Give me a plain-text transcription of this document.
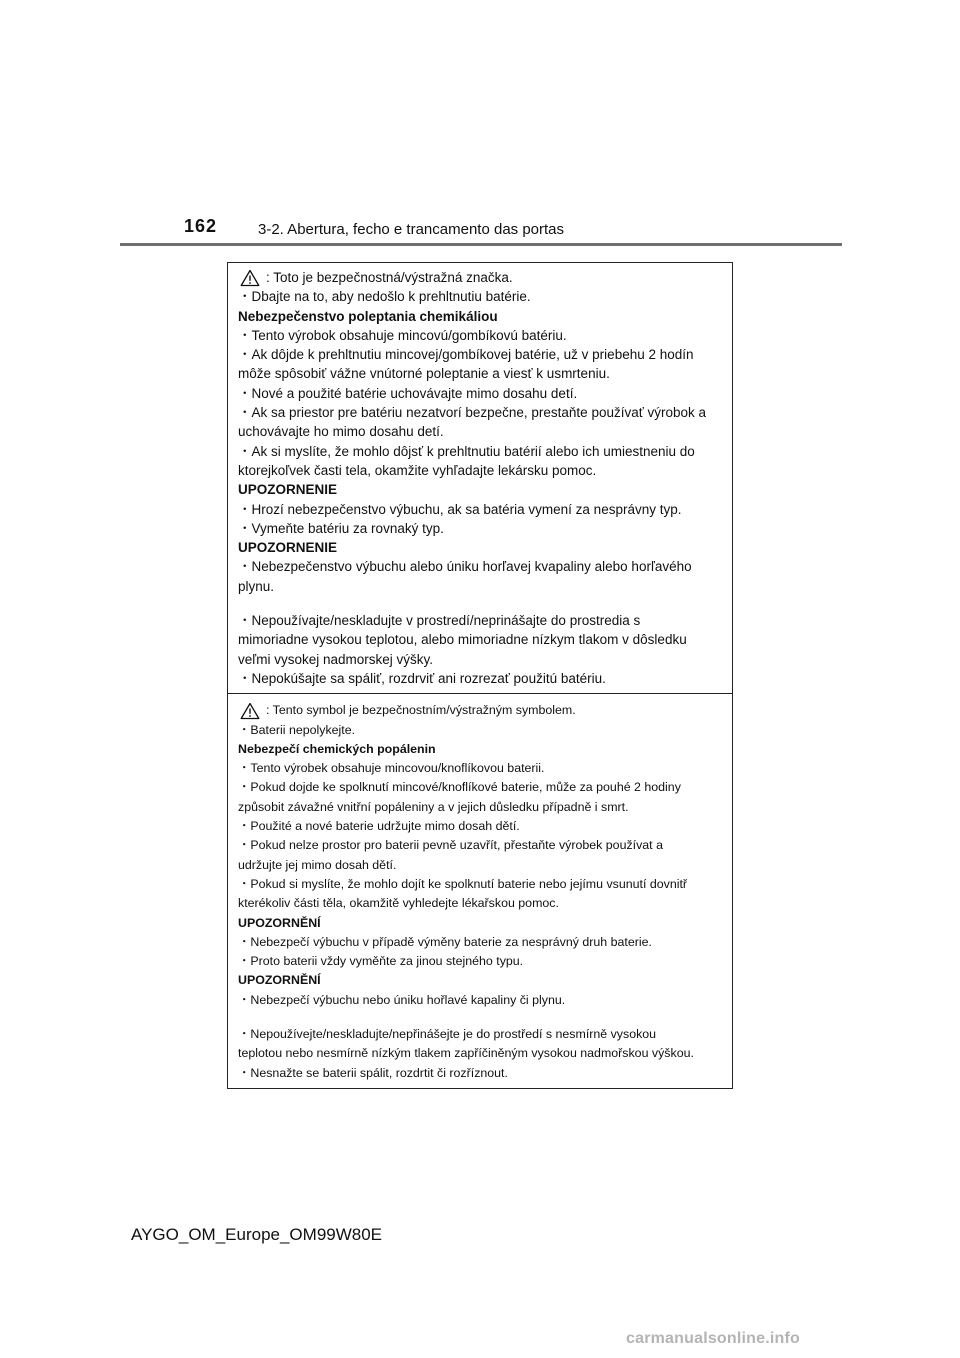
162	3-2. Abertura, fecho e trancamento das portas
: Toto je bezpečnostná/výstražná značka.
・Dbajte na to, aby nedošlo k prehltnutiu batérie.
Nebezpečenstvo poleptania chemikáliou
・Tento výrobok obsahuje mincovú/gombíkovú batériu.
・Ak dôjde k prehltnutiu mincovej/gombíkovej batérie, už v priebehu 2 hodín
môže spôsobiť vážne vnútorné poleptanie a viesť k usmrteniu.
・Nové a použité batérie uchovávajte mimo dosahu detí.
・Ak sa priestor pre batériu nezatvorí bezpečne, prestaňte používať výrobok a
uchovávajte ho mimo dosahu detí.
・Ak si myslíte, že mohlo dôjsť k prehltnutiu batérií alebo ich umiestneniu do
ktorejkoľvek časti tela, okamžite vyhľadajte lekársku pomoc.
UPOZORNENIE
・Hrozí nebezpečenstvo výbuchu, ak sa batéria vymení za nesprávny typ.
・Vymeňte batériu za rovnaký typ.
UPOZORNENIE
・Nebezpečenstvo výbuchu alebo úniku horľavej kvapaliny alebo horľavého
plynu.
・Nepoužívajte/neskladujte v prostredí/neprinášajte do prostredia s
mimoriadne vysokou teplotou, alebo mimoriadne nízkym tlakom v dôsledku
veľmi vysokej nadmorskej výšky.
・Nepokúšajte sa spáliť, rozdrviť ani rozrezať použitú batériu.
: Tento symbol je bezpečnostním/výstražným symbolem.
・Baterii nepolykejte.
Nebezpečí chemických popálenin
・Tento výrobek obsahuje mincovou/knoflíkovou baterii.
・Pokud dojde ke spolknutí mincové/knoflíkové baterie, může za pouhé 2 hodiny
způsobit závažné vnitřní popáleniny a v jejich důsledku případně i smrt.
・Použité a nové baterie udržujte mimo dosah dětí.
・Pokud nelze prostor pro baterii pevně uzavřít, přestaňte výrobek používat a
udržujte jej mimo dosah dětí.
・Pokud si myslíte, že mohlo dojít ke spolknutí baterie nebo jejímu vsunutí dovnitř
kterékoliv části těla, okamžitě vyhledejte lékařskou pomoc.
UPOZORNĚNÍ
・Nebezpečí výbuchu v případě výměny baterie za nesprávný druh baterie.
・Proto baterii vždy vyměňte za jinou stejného typu.
UPOZORNĚNÍ
・Nebezpečí výbuchu nebo úniku hořlavé kapaliny či plynu.
・Nepoužívejte/neskladujte/nepřinášejte je do prostředí s nesmírně vysokou
teplotou nebo nesmírně nízkým tlakem zapříčiněným vysokou nadmořskou výškou.
・Nesnažte se baterii spálit, rozdrtit či rozříznout.
AYGO_OM_Europe_OM99W80E
carmanualsonline.info
